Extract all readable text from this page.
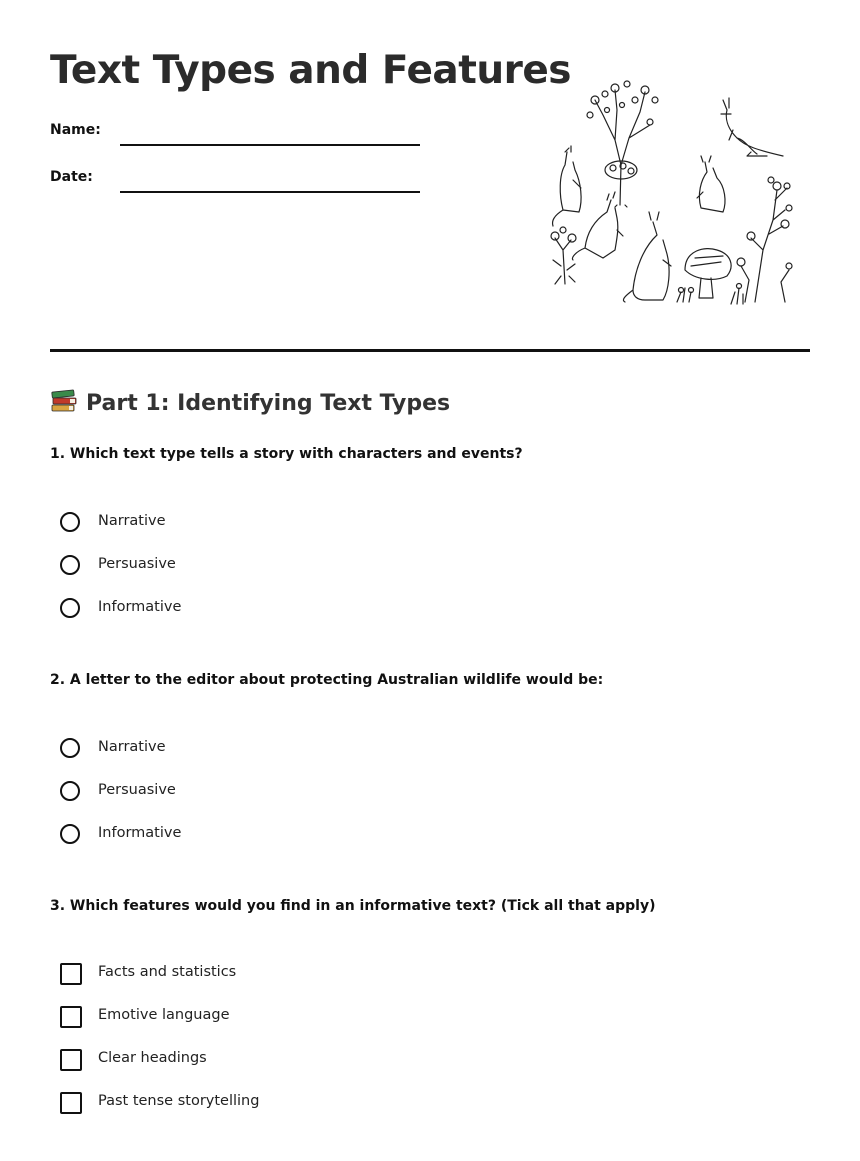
Text Types and Features
Name:
Date:
Part 1: Identifying Text Types

1. Which text type tells a story with characters and events?

Narrative
Persuasive
Informative

2. A letter to the editor about protecting Australian wildlife would be:

Narrative
Persuasive
Informative

3. Which features would you find in an informative text? (Tick all that apply)

Facts and statistics
Emotive language
Clear headings
Past tense storytelling
